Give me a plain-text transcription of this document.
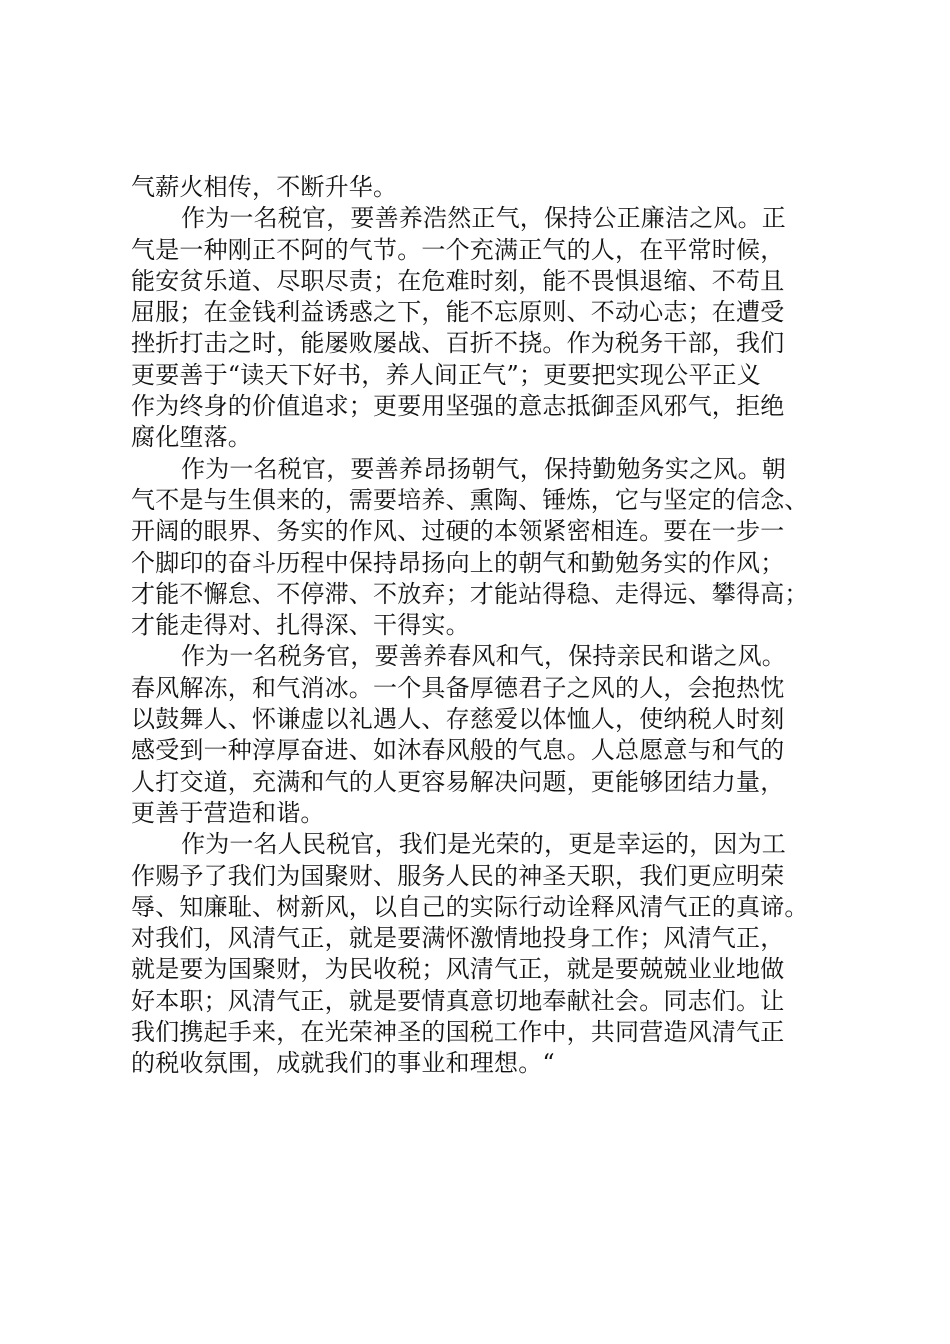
气薪火相传，不断升华。
作为一名税官，要善养浩然正气，保持公正廉洁之风。正
气是一种刚正不阿的气节。一个充满正气的人，在平常时候，
能安贫乐道、尽职尽责；在危难时刻，能不畏惧退缩、不苟且
屈服；在金钱利益诱惑之下，能不忘原则、不动心志；在遭受
挫折打击之时，能屡败屡战、百折不挠。作为税务干部，我们
更要善于“读天下好书，养人间正气”；更要把实现公平正义
作为终身的价值追求；更要用坚强的意志抵御歪风邪气，拒绝
腐化堕落。
作为一名税官，要善养昂扬朝气，保持勤勉务实之风。朝
气不是与生俱来的，需要培养、熏陶、锤炼，它与坚定的信念、
开阔的眼界、务实的作风、过硬的本领紧密相连。要在一步一
个脚印的奋斗历程中保持昂扬向上的朝气和勤勉务实的作风；
才能不懈怠、不停滞、不放弃；才能站得稳、走得远、攀得高；
才能走得对、扎得深、干得实。
作为一名税务官，要善养春风和气，保持亲民和谐之风。
春风解冻，和气消冰。一个具备厚德君子之风的人，会抱热忱
以鼓舞人、怀谦虚以礼遇人、存慈爱以体恤人，使纳税人时刻
感受到一种淳厚奋进、如沐春风般的气息。人总愿意与和气的
人打交道，充满和气的人更容易解决问题，更能够团结力量，
更善于营造和谐。
作为一名人民税官，我们是光荣的，更是幸运的，因为工
作赐予了我们为国聚财、服务人民的神圣天职，我们更应明荣
辱、知廉耻、树新风，以自己的实际行动诠释风清气正的真谛。
对我们，风清气正，就是要满怀激情地投身工作；风清气正，
就是要为国聚财，为民收税；风清气正，就是要兢兢业业地做
好本职；风清气正，就是要情真意切地奉献社会。同志们。让
我们携起手来，在光荣神圣的国税工作中，共同营造风清气正
的税收氛围，成就我们的事业和理想。“
